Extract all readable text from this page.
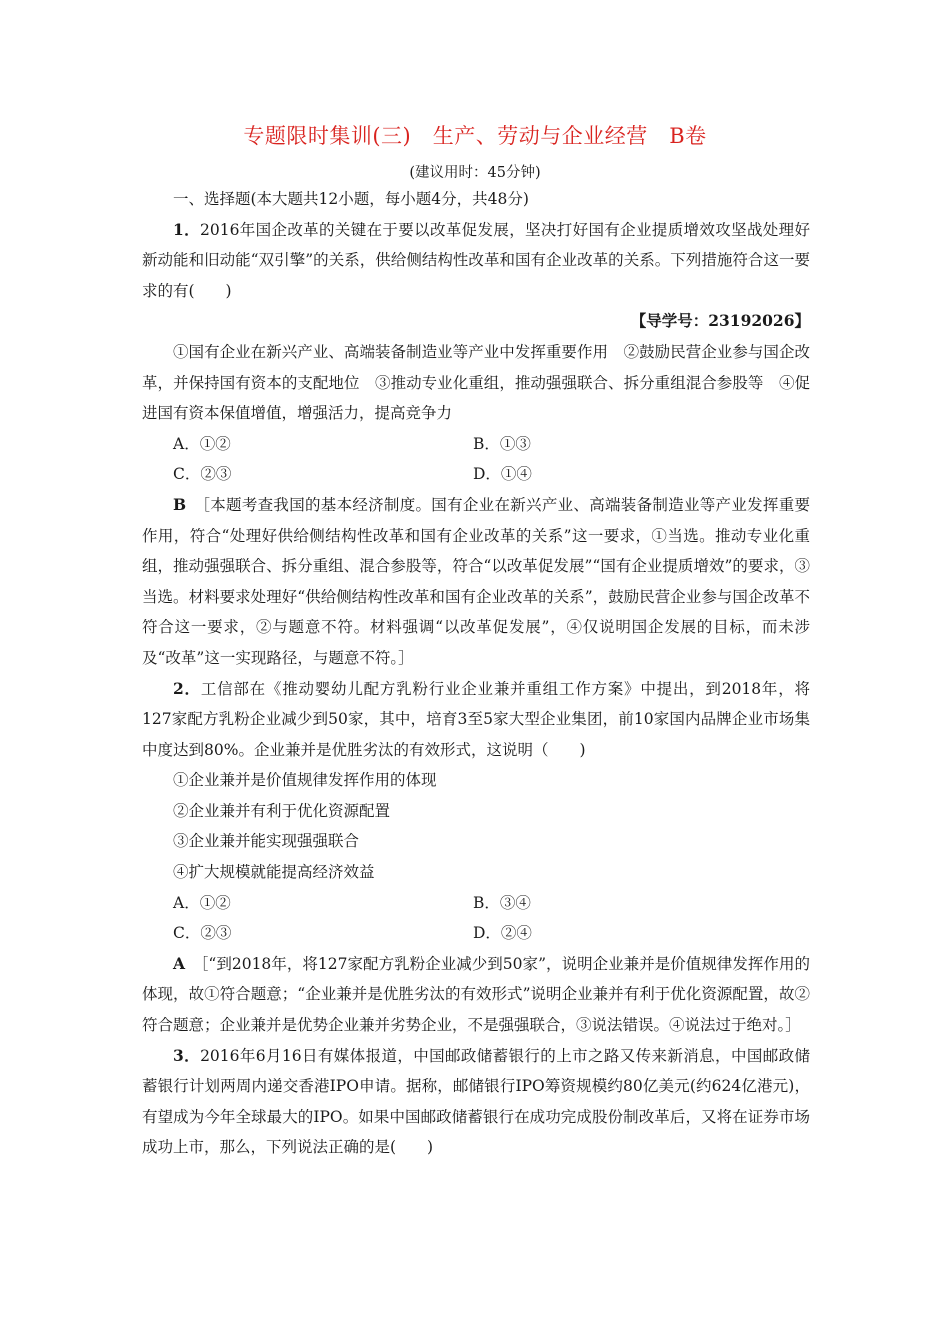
专题限时集训(三)　生产、劳动与企业经营　B卷
(建议用时：45分钟)

一、选择题(本大题共12小题，每小题4分，共48分)

1．2016年国企改革的关键在于要以改革促发展，坚决打好国有企业提质增效攻坚战处理好新动能和旧动能“双引擎”的关系，供给侧结构性改革和国有企业改革的关系。下列措施符合这一要求的有(　　)

【导学号：23192026】

①国有企业在新兴产业、高端装备制造业等产业中发挥重要作用　②鼓励民营企业参与国企改革，并保持国有资本的支配地位　③推动专业化重组，推动强强联合、拆分重组混合参股等　④促进国有资本保值增值，增强活力，提高竞争力

A．①②	B．①③
C．②③	D．①④

B　 ［本题考查我国的基本经济制度。国有企业在新兴产业、高端装备制造业等产业发挥重要作用，符合“处理好供给侧结构性改革和国有企业改革的关系”这一要求，①当选。推动专业化重组，推动强强联合、拆分重组、混合参股等，符合“以改革促发展”“国有企业提质增效”的要求，③当选。材料要求处理好“供给侧结构性改革和国有企业改革的关系”，鼓励民营企业参与国企改革不符合这一要求，②与题意不符。材料强调“以改革促发展”，④仅说明国企发展的目标，而未涉及“改革”这一实现路径，与题意不符。］

2．工信部在《推动婴幼儿配方乳粉行业企业兼并重组工作方案》中提出，到2018年，将127家配方乳粉企业减少到50家，其中，培育3至5家大型企业集团，前10家国内品牌企业市场集中度达到80%。企业兼并是优胜劣汰的有效形式，这说明（　　)

①企业兼并是价值规律发挥作用的体现

②企业兼并有利于优化资源配置

③企业兼并能实现强强联合

④扩大规模就能提高经济效益

A．①②	B．③④
C．②③	D．②④

A　 ［“到2018年，将127家配方乳粉企业减少到50家”，说明企业兼并是价值规律发挥作用的体现，故①符合题意；“企业兼并是优胜劣汰的有效形式”说明企业兼并有利于优化资源配置，故②符合题意；企业兼并是优势企业兼并劣势企业，不是强强联合，③说法错误。④说法过于绝对。］

3．2016年6月16日有媒体报道，中国邮政储蓄银行的上市之路又传来新消息，中国邮政储蓄银行计划两周内递交香港IPO申请。据称，邮储银行IPO筹资规模约80亿美元(约624亿港元)，有望成为今年全球最大的IPO。如果中国邮政储蓄银行在成功完成股份制改革后，又将在证券市场成功上市，那么，下列说法正确的是(　　)
